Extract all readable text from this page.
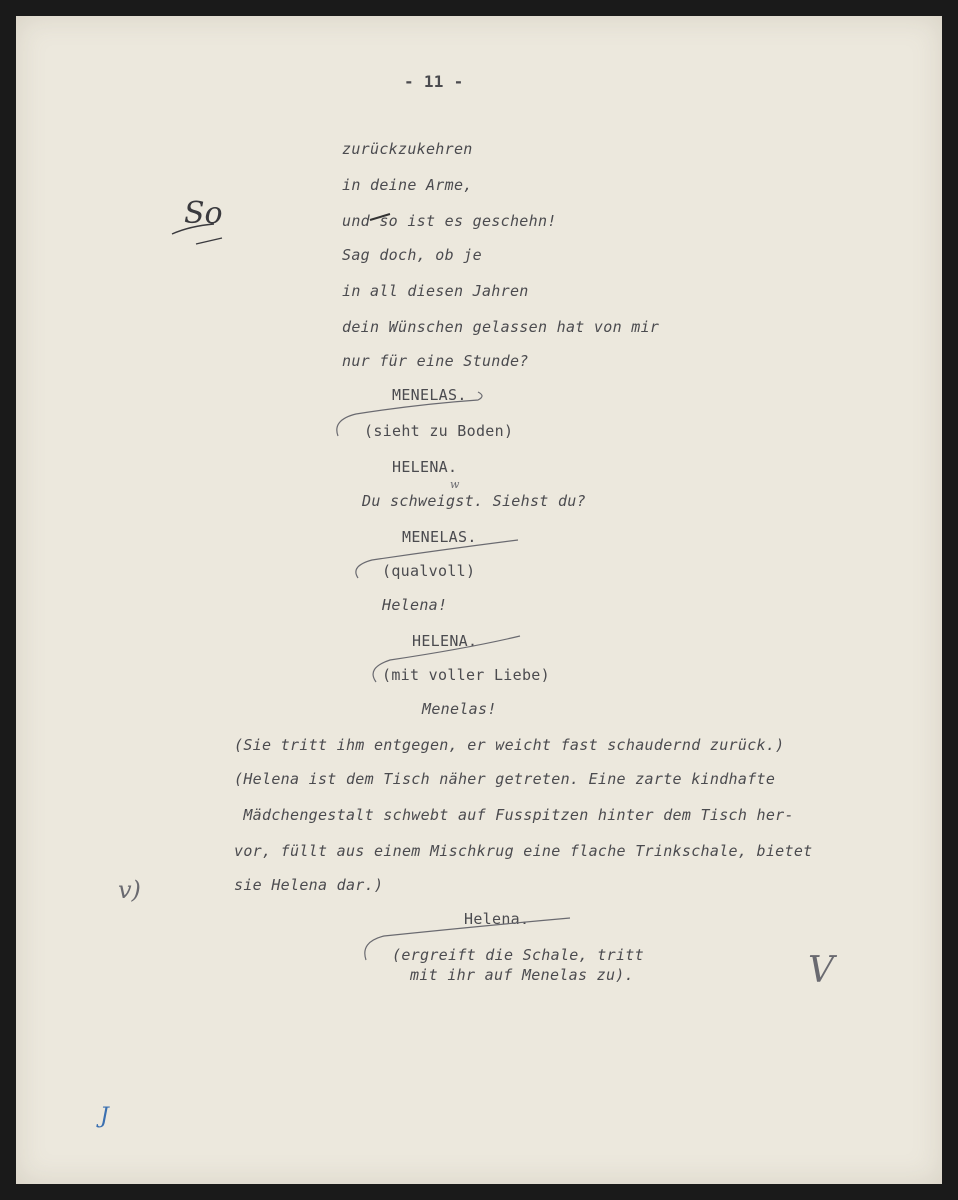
- 11 -
zurückzukehren
in deine Arme,
und so ist es geschehn!
Sag doch, ob je
in all diesen Jahren
dein Wünschen gelassen hat von mir
nur für eine Stunde?
MENELAS.
(sieht zu Boden)
HELENA.
Du schweigst. Siehst du?
MENELAS.
(qualvoll)
Helena!
HELENA.
(mit voller Liebe)
Menelas!
(Sie tritt ihm entgegen, er weicht fast schaudernd zurück.)
(Helena ist dem Tisch näher getreten. Eine zarte kindhafte
Mädchengestalt schwebt auf Fusspitzen hinter dem Tisch her-
vor, füllt aus einem Mischkrug eine flache Trinkschale, bietet
sie Helena dar.)
Helena.
(ergreift die Schale, tritt
mit ihr auf Menelas zu).
So
v)
V
J
w
